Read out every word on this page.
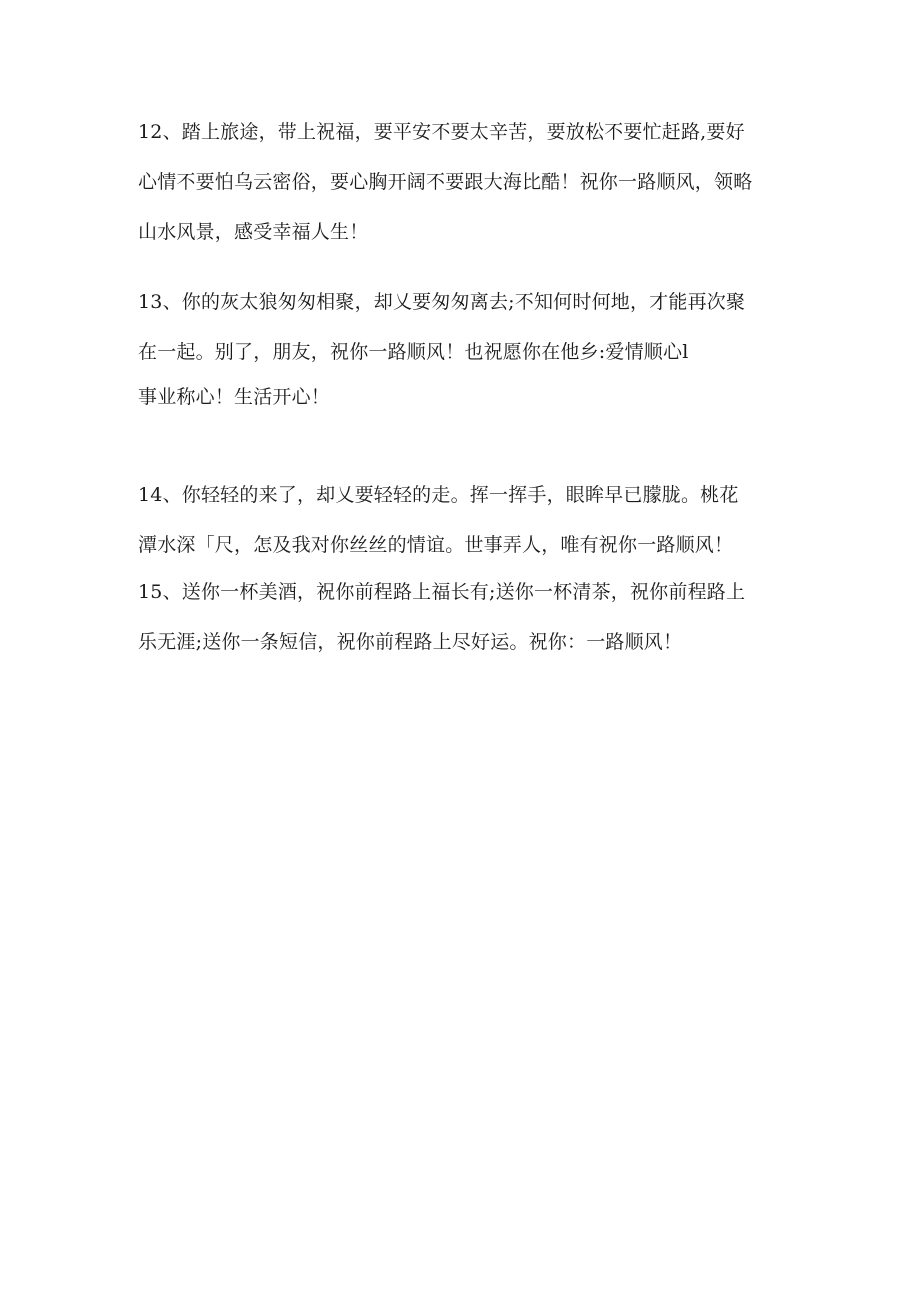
12、踏上旅途，带上祝福，要平安不要太辛苦，要放松不要忙赶路,要好
心情不要怕乌云密俗，要心胸开阔不要跟大海比酷！祝你一路顺风，领略
山水风景，感受幸福人生！
13、你的灰太狼匆匆相聚，却乂要匆匆离去;不知何时何地，才能再次聚
在一起。别了，朋友，祝你一路顺风！也祝愿你在他乡:爱情顺心l
事业称心！生活开心！
14、你轻轻的来了，却乂要轻轻的走。挥一挥手，眼眸早已朦胧。桃花
潭水深「尺，怎及我对你丝丝的情谊。世事弄人，唯有祝你一路顺风！
15、送你一杯美酒，祝你前程路上福长有;送你一杯清茶，祝你前程路上
乐无涯;送你一条短信，祝你前程路上尽好运。祝你：一路顺风！
